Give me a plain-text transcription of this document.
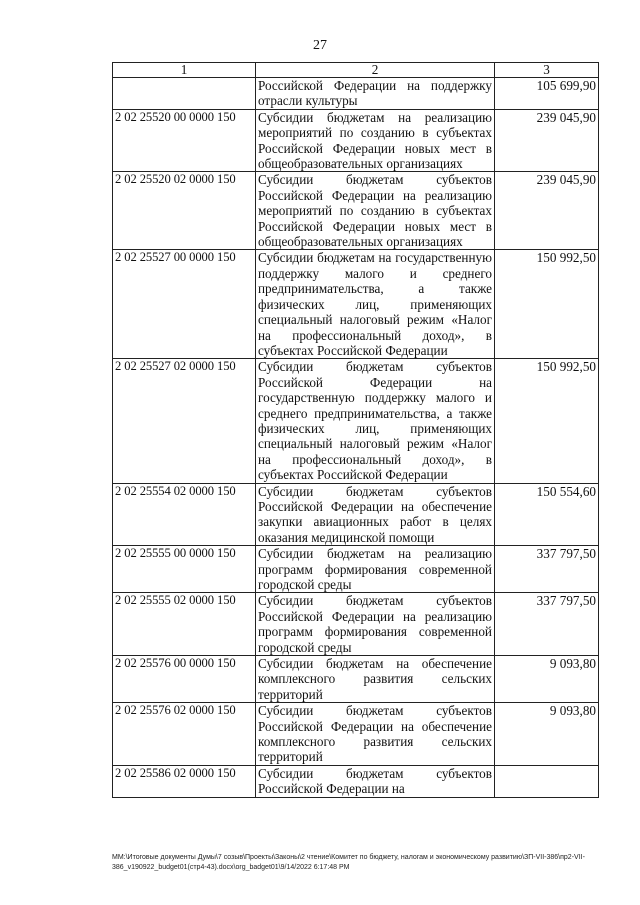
27
1	2	3
	Российской Федерации на поддержку отрасли культуры	105 699,90
2 02 25520 00 0000 150	Субсидии бюджетам на реализацию мероприятий по созданию в субъектах Российской Федерации новых мест в общеобразовательных организациях	239 045,90
2 02 25520 02 0000 150	Субсидии бюджетам субъектов Российской Федерации на реализацию мероприятий по созданию в субъектах Российской Федерации новых мест в общеобразовательных организациях	239 045,90
2 02 25527 00 0000 150	Субсидии бюджетам на государственную поддержку малого и среднего предпринимательства, а также физических лиц, применяющих специальный налоговый режим «Налог на профессиональный доход», в субъектах Российской Федерации	150 992,50
2 02 25527 02 0000 150	Субсидии бюджетам субъектов Российской Федерации на государственную поддержку малого и среднего предпринимательства, а также физических лиц, применяющих специальный налоговый режим «Налог на профессиональный доход», в субъектах Российской Федерации	150 992,50
2 02 25554 02 0000 150	Субсидии бюджетам субъектов Российской Федерации на обеспечение закупки авиационных работ в целях оказания медицинской помощи	150 554,60
2 02 25555 00 0000 150	Субсидии бюджетам на реализацию программ формирования современной городской среды	337 797,50
2 02 25555 02 0000 150	Субсидии бюджетам субъектов Российской Федерации на реализацию программ формирования современной городской среды	337 797,50
2 02 25576 00 0000 150	Субсидии бюджетам на обеспечение комплексного развития сельских территорий	9 093,80
2 02 25576 02 0000 150	Субсидии бюджетам субъектов Российской Федерации на обеспечение комплексного развития сельских территорий	9 093,80
2 02 25586 02 0000 150	Субсидии бюджетам субъектов Российской Федерации на	
MM:\Итоговые документы Думы\7 созыв\Проекты\Законы\2 чтение\Комитет по бюджету, налогам и экономическому развитию\ЗП-VII-386\пр2-VII-386_v190922_budget01(стр4-43).docx\org_badget01\9/14/2022 6:17:48 PM
